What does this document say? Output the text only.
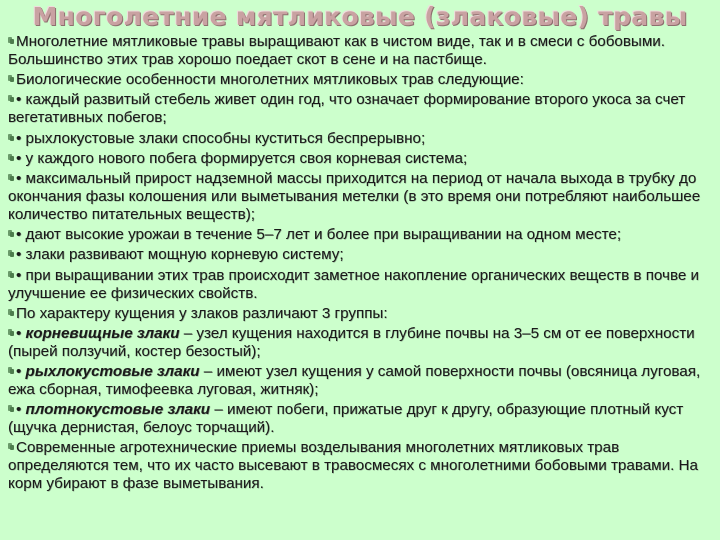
Многолетние мятликовые (злаковые) травы

Многолетние мятликовые травы выращивают как в чистом виде, так и в смеси с бобовыми. Большинство этих трав хорошо поедает скот в сене и на пастбище.

Биологические особенности многолетних мятликовых трав следующие:

• каждый развитый стебель живет один год, что означает формирование второго укоса за счет вегетативных побегов;

• рыхлокустовые злаки способны куститься беспрерывно;

• у каждого нового побега формируется своя корневая система;

• максимальный прирост надземной массы приходится на период от начала выхода в трубку до окончания фазы колошения или выметывания метелки (в это время они потребляют наибольшее количество питательных веществ);

• дают высокие урожаи в течение 5–7 лет и более при выращивании на одном месте;

• злаки развивают мощную корневую систему;

• при выращивании этих трав происходит заметное накопление органических веществ в почве и улучшение ее физических свойств.

По характеру кущения у злаков различают 3 группы:

• корневищные злаки – узел кущения находится в глубине почвы на 3–5 см от ее поверхности (пырей ползучий, костер безостый);

• рыхлокустовые злаки – имеют узел кущения у самой поверхности почвы (овсяница луговая, ежа сборная, тимофеевка луговая, житняк);

• плотнокустовые злаки – имеют побеги, прижатые друг к другу, образующие плотный куст (щучка дернистая, белоус торчащий).

Современные агротехнические приемы возделывания многолетних мятликовых трав определяются тем, что их часто высевают в травосмесях с многолетними бобовыми травами. На корм убирают в фазе выметывания.
